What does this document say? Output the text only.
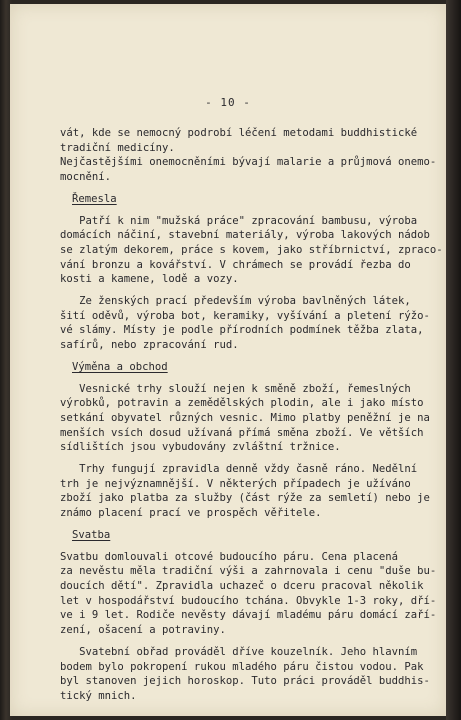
- 10 -
vát, kde se nemocný podrobí léčení metodami buddhistické
tradiční medicíny.
Nejčastějšími onemocněními bývají malarie a průjmová onemo-
mocnění.
Řemesla
Patří k nim "mužská práce" zpracování bambusu, výroba
domácích náčiní, stavební materiály, výroba lakových nádob
se zlatým dekorem, práce s kovem, jako stříbrnictví, zpraco-
vání bronzu a kovářství. V chrámech se provádí řezba do
kosti a kamene, lodě a vozy.
Ze ženských prací především výroba bavlněných látek,
šití oděvů, výroba bot, keramiky, vyšívání a pletení rýžo-
vé slámy. Místy je podle přírodních podmínek těžba zlata,
safírů, nebo zpracování rud.
Výměna a obchod
Vesnické trhy slouží nejen k směně zboží, řemeslných
výrobků, potravin a zemědělských plodin, ale i jako místo
setkání obyvatel různých vesnic. Mimo platby peněžní je na
menších vsích dosud užívaná přímá směna zboží. Ve větších
sídlištích jsou vybudovány zvláštní tržnice.
Trhy fungují zpravidla denně vždy časně ráno. Nedělní
trh je nejvýznamnější. V některých případech je užíváno
zboží jako platba za služby (část rýže za semletí) nebo je
známo placení prací ve prospěch věřitele.
Svatba
Svatbu domlouvali otcové budoucího páru. Cena placená
za nevěstu měla tradiční výši a zahrnovala i cenu "duše bu-
doucích dětí". Zpravidla uchazeč o dceru pracoval několik
let v hospodářství budoucího tchána. Obvykle 1-3 roky, dří-
ve i 9 let. Rodiče nevěsty dávají mladému páru domácí zaří-
zení, ošacení a potraviny.
Svatební obřad prováděl dříve kouzelník. Jeho hlavním
bodem bylo pokropení rukou mladého páru čistou vodou. Pak
byl stanoven jejich horoskop. Tuto práci prováděl buddhis-
tický mnich.
